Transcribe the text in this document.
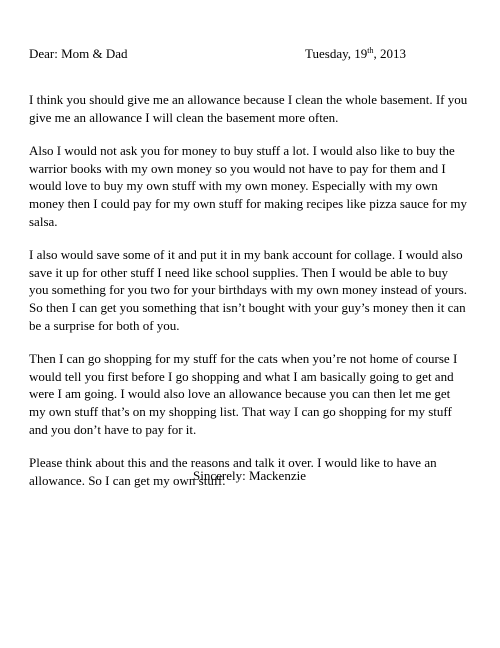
Dear: Mom & Dad	Tuesday, 19th, 2013

I think you should give me an allowance because I clean the whole basement. If you
give me an allowance I will clean the basement more often.

Also I would not ask you for money to buy stuff a lot. I would also like to buy the
warrior books with my own money so you would not have to pay for them and I
would love to buy my own stuff with my own money. Especially with my own
money then I could pay for my own stuff for making recipes like pizza sauce for my
salsa.

I also would save some of it and put it in my bank account for collage. I would also
save it up for other stuff I need like school supplies. Then I would be able to buy
you something for you two for your birthdays with my own money instead of yours.
So then I can get you something that isn’t bought with your guy’s money then it can
be a surprise for both of you.

Then I can go shopping for my stuff for the cats when you’re not home of course I
would tell you first before I go shopping and what I am basically going to get and
were I am going. I would also love an allowance because you can then let me get
my own stuff that’s on my shopping list. That way I can go shopping for my stuff
and you don’t have to pay for it.

Please think about this and the reasons and talk it over. I would like to have an
allowance. So I can get my own stuff.

Sincerely: Mackenzie
